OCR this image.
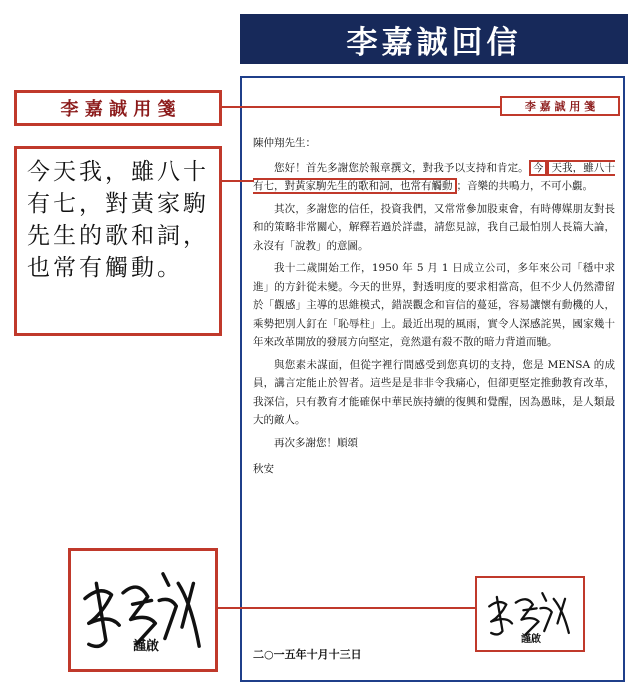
李嘉誠回信
李 嘉 誠 用 箋
李 嘉 誠 用 箋
今天我，雖八十有七，對黃家駒先生的歌和詞，也常有觸動。

陳仲翔先生：

您好！首先多謝您於報章撰文，對我予以支持和肯定。 今 天我，雖八十有七，對黃家駒先生的歌和詞，也常有觸動 ；音樂的共鳴力，不可小覷。

其次，多謝您的信任，投資我們，又常常參加股東會，有時傳媒朋友對長和的策略非常關心，解釋若過於詳盡，請您見諒，我自己最怕別人長篇大論，永沒有「說教」的意圖。

我十二歲開始工作，1950 年 5 月 1 日成立公司，多年來公司「穩中求進」的方針從未變。今天的世界，對透明度的要求相當高，但不少人仍然滯留於「觀感」主導的思維模式，錯誤觀念和盲信的蔓延，容易讓懷有動機的人，乘勢把別人釘在「恥辱柱」上。最近出現的風雨，實令人深感詫異，國家幾十年來改革開放的發展方向堅定，竟然還有殺不散的暗力背道而馳。

與您素未謀面，但從字裡行間感受到您真切的支持，您是 MENSA 的成員，講言定能止於智者。這些是是非非令我痛心，但卻更堅定推動教育改革，我深信，只有教育才能確保中華民族持續的復興和覺醒，因為愚昧，是人類最大的敵人。

再次多謝您！順頌

秋安

謹啟
謹啟
二○一五年十月十三日
